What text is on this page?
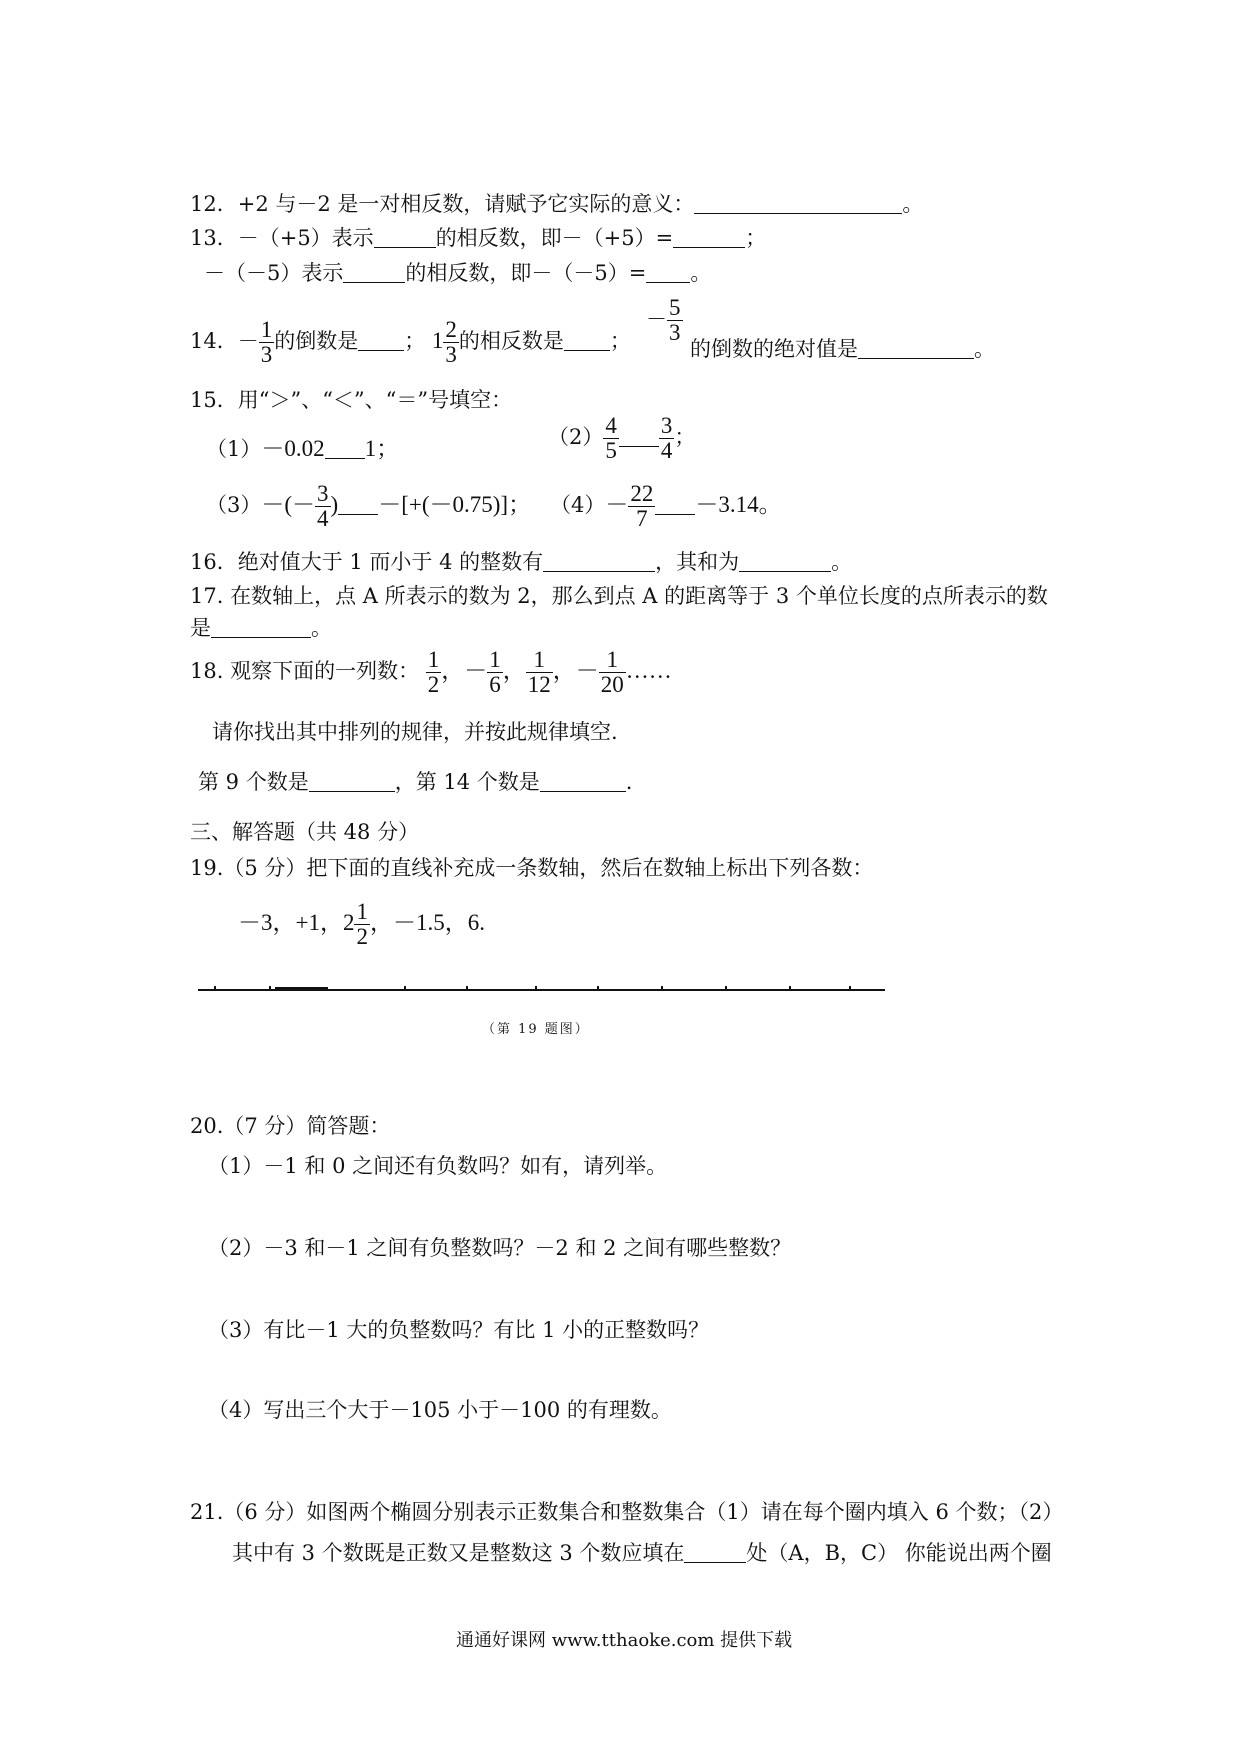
12．+2 与－2 是一对相反数，请赋予它实际的意义：	。
13．－（+5）表示	的相反数，即－（+5）=	；
－（－5）表示	的相反数，即－（－5）= 。
14．－ $\frac{1}{3}$ 的倒数是 ； $1 \frac{2}{3}$ 的相反数是 ；
－ $\frac{5}{3}$
的倒数的绝对值是	。
15．用“＞”、“＜”、“＝”号填空：
（1）－0.02 1；	$(2) \frac{4}{5} \frac{3}{4}$ ；
$(3)-(- \frac{3}{4}$ ) －[+(－0.75)]； $(4)- \frac{22}{7} -3.14$。
16．绝对值大于 1 而小于 4 的整数有	，其和为	。
17. 在数轴上，点 A 所表示的数为 2，那么到点 A 的距离等于 3 个单位长度的点所表示的数
是	。
18. 观察下面的一列数： $\frac{1}{2}$ ，－ $\frac{1}{6}$ ， $\frac{1}{12}$ ，－ $\frac{1}{20}$ ……
请你找出其中排列的规律，并按此规律填空.
第 9 个数是	，第 14 个数是	.
三、解答题（共 48 分）
19.（5 分）把下面的直线补充成一条数轴，然后在数轴上标出下列各数：
－3，+1，$2 \frac{1}{2}$ ，－1.5，6.
（第 19 题图）
20.（7 分）简答题：
（1）－1 和 0 之间还有负数吗？如有，请列举。
（2）－3 和－1 之间有负整数吗？－2 和 2 之间有哪些整数？
（3）有比－1 大的负整数吗？有比 1 小的正整数吗？
（4）写出三个大于－105 小于－100 的有理数。
21.（6 分）如图两个椭圆分别表示正数集合和整数集合（1）请在每个圈内填入 6 个数；（2）
其中有 3 个数既是正数又是整数这 3 个数应填在	处（A，B，C） 你能说出两个圈
通通好课网 www.tthaoke.com 提供下载
